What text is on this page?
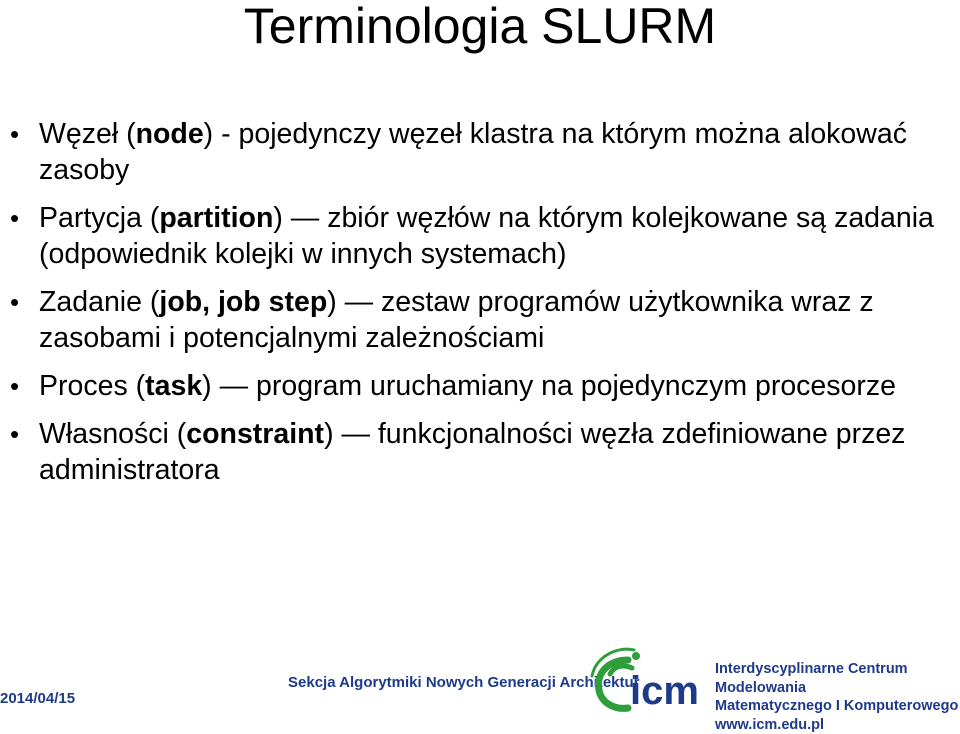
Terminologia SLURM
• Węzeł (node) - pojedynczy węzeł klastra na którym można alokować zasoby
• Partycja (partition) — zbiór węzłów na którym kolejkowane są zadania (odpowiednik kolejki w innych systemach)
• Zadanie (job, job step) — zestaw programów użytkownika wraz z zasobami i potencjalnymi zależnościami
• Proces (task) — program uruchamiany na pojedynczym procesorze
• Własności (constraint) — funkcjonalności węzła zdefiniowane przez administratora
2014/04/15
Sekcja Algorytmiki Nowych Generacji Architektur
icm Interdyscyplinarne Centrum Modelowania
Matematycznego I Komputerowego
www.icm.edu.pl
